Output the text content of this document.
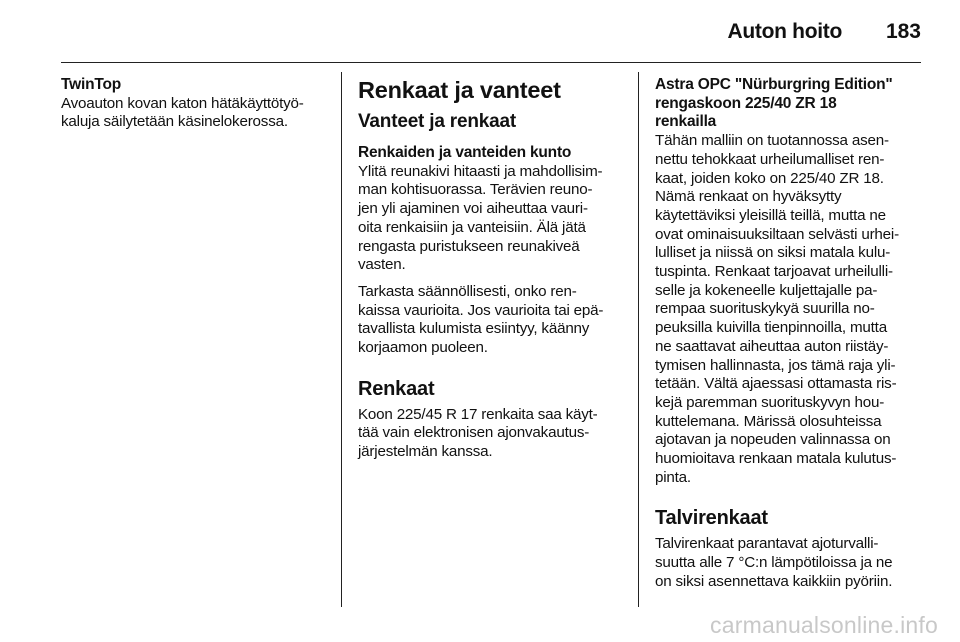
Auton hoito 183

TwinTop

Avoauton kovan katon hätäkäyttötyö-

kaluja säilytetään käsinelokerossa.

Renkaat ja vanteet

Vanteet ja renkaat

Renkaiden ja vanteiden kunto

Ylitä reunakivi hitaasti ja mahdollisim-

man kohtisuorassa. Terävien reuno-

jen yli ajaminen voi aiheuttaa vauri-

oita renkaisiin ja vanteisiin. Älä jätä

rengasta puristukseen reunakiveä

vasten.

Tarkasta säännöllisesti, onko ren-

kaissa vaurioita. Jos vaurioita tai epä-

tavallista kulumista esiintyy, käänny

korjaamon puoleen.

Renkaat

Koon 225/45 R 17 renkaita saa käyt-

tää vain elektronisen ajonvakautus-

järjestelmän kanssa.

Astra OPC "Nürburgring Edition"

rengaskoon 225/40 ZR 18

renkailla

Tähän malliin on tuotannossa asen-

nettu tehokkaat urheilumalliset ren-

kaat, joiden koko on 225/40 ZR 18.

Nämä renkaat on hyväksytty

käytettäviksi yleisillä teillä, mutta ne

ovat ominaisuuksiltaan selvästi urhei-

lulliset ja niissä on siksi matala kulu-

tuspinta. Renkaat tarjoavat urheilulli-

selle ja kokeneelle kuljettajalle pa-

rempaa suorituskykyä suurilla no-

peuksilla kuivilla tienpinnoilla, mutta

ne saattavat aiheuttaa auton riistäy-

tymisen hallinnasta, jos tämä raja yli-

tetään. Vältä ajaessasi ottamasta ris-

kejä paremman suorituskyvyn hou-

kuttelemana. Märissä olosuhteissa

ajotavan ja nopeuden valinnassa on

huomioitava renkaan matala kulutus-

pinta.

Talvirenkaat

Talvirenkaat parantavat ajoturvalli-

suutta alle 7 °C:n lämpötiloissa ja ne

on siksi asennettava kaikkiin pyöriin.

carmanualsonline.info
